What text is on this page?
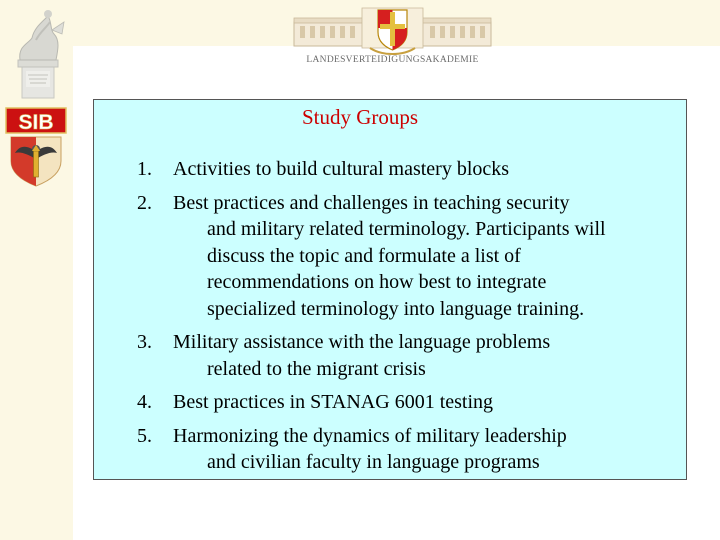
SIB
LANDESVERTEIDIGUNGSAKADEMIE
Study Groups
1.	Activities to build cultural mastery blocks
2.	Best practices and challenges in teaching security
and military related terminology. Participants will
discuss the topic and formulate a list of
recommendations on how best to integrate
specialized terminology into language training.
3.	Military assistance with the language problems
related to the migrant crisis
4.	Best practices in STANAG 6001 testing
5.	Harmonizing the dynamics of military leadership
and civilian faculty in language programs
